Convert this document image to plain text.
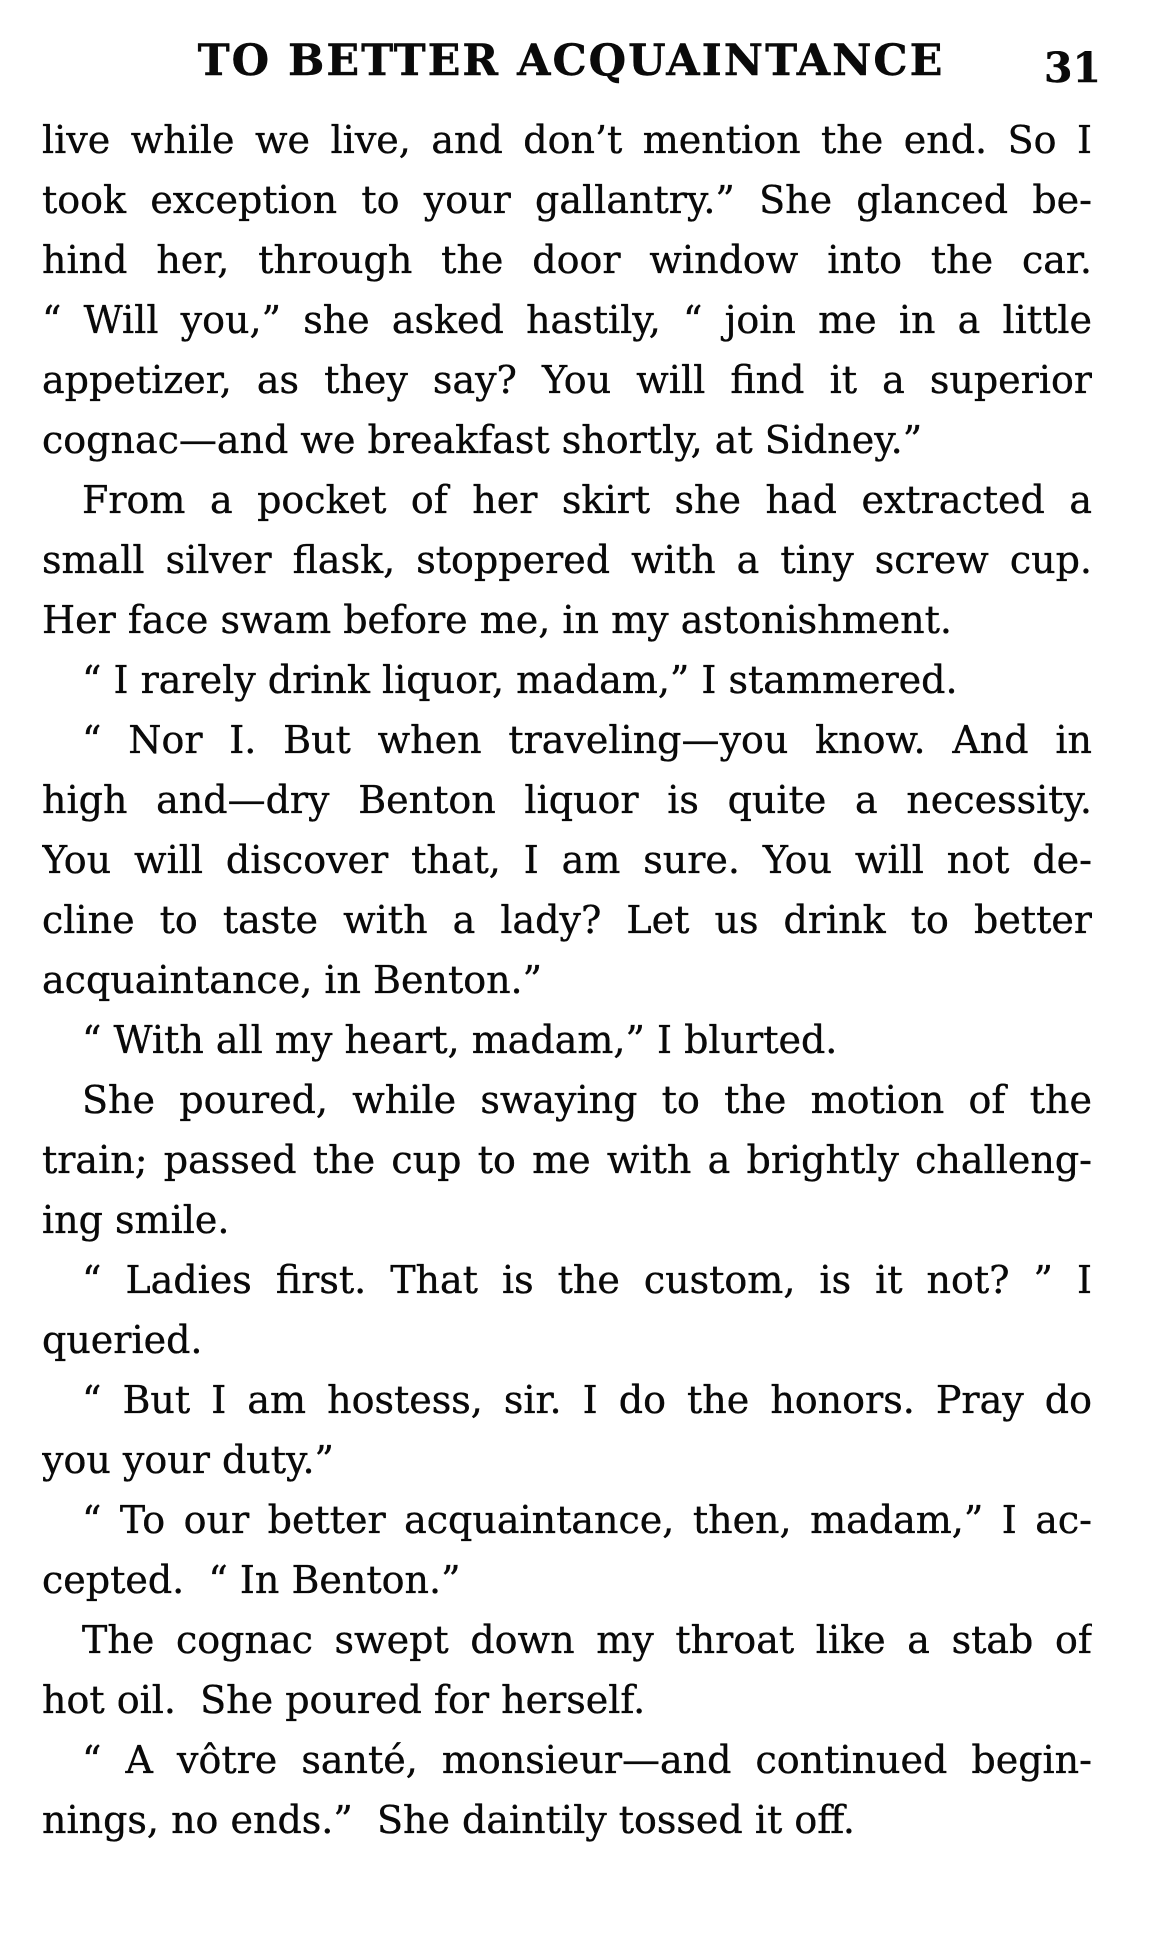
TO BETTER ACQUAINTANCE 31
live while we live, and don’t mention the end. So I
took exception to your gallantry.” She glanced be-
hind her, through the door window into the car.
“ Will you,” she asked hastily, “ join me in a little
appetizer, as they say? You will find it a superior
cognac—and we breakfast shortly, at Sidney.”
From a pocket of her skirt she had extracted a
small silver flask, stoppered with a tiny screw cup.
Her face swam before me, in my astonishment.
“ I rarely drink liquor, madam,” I stammered.
“ Nor I. But when traveling—you know. And in
high and—dry Benton liquor is quite a necessity.
You will discover that, I am sure. You will not de-
cline to taste with a lady? Let us drink to better
acquaintance, in Benton.”
“ With all my heart, madam,” I blurted.
She poured, while swaying to the motion of the
train; passed the cup to me with a brightly challeng-
ing smile.
“ Ladies first. That is the custom, is it not? ” I
queried.
“ But I am hostess, sir. I do the honors. Pray do
you your duty.”
“ To our better acquaintance, then, madam,” I ac-
cepted.  “ In Benton.”
The cognac swept down my throat like a stab of
hot oil.  She poured for herself.
“ A vôtre santé, monsieur—and continued begin-
nings, no ends.”  She daintily tossed it off.
